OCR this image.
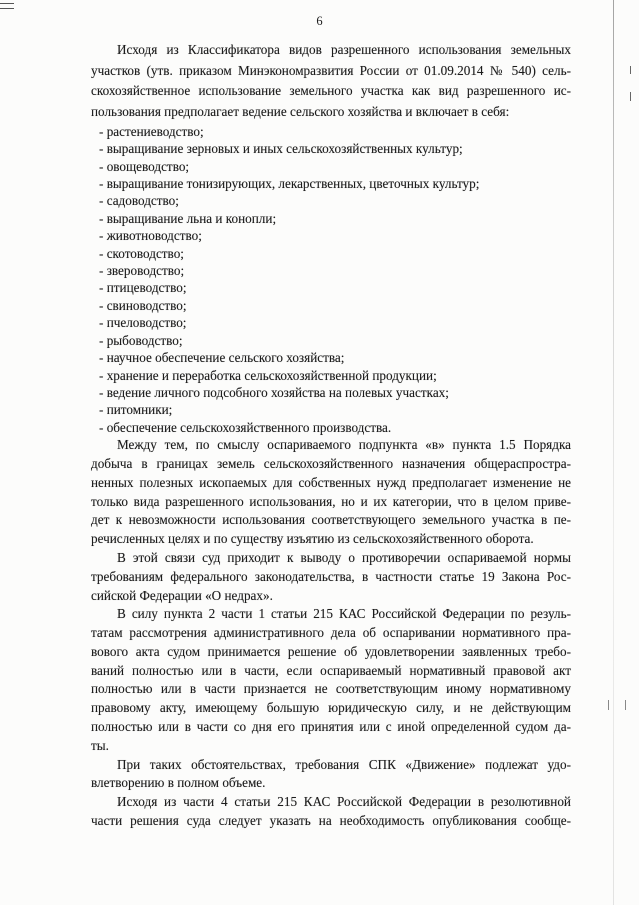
6
Исходя из Классификатора видов разрешенного использования земельных
участков (утв. приказом Минэкономразвития России от 01.09.2014 № 540) сель-
скохозяйственное использование земельного участка как вид разрешенного ис-
пользования предполагает ведение сельского хозяйства и включает в себя:
- растениеводство;
- выращивание зерновых и иных сельскохозяйственных культур;
- овощеводство;
- выращивание тонизирующих, лекарственных, цветочных культур;
- садоводство;
- выращивание льна и конопли;
- животноводство;
- скотоводство;
- звероводство;
- птицеводство;
- свиноводство;
- пчеловодство;
- рыбоводство;
- научное обеспечение сельского хозяйства;
- хранение и переработка сельскохозяйственной продукции;
- ведение личного подсобного хозяйства на полевых участках;
- питомники;
- обеспечение сельскохозяйственного производства.
Между тем, по смыслу оспариваемого подпункта «в» пункта 1.5 Порядка
добыча в границах земель сельскохозяйственного назначения общераспростра-
ненных полезных ископаемых для собственных нужд предполагает изменение не
только вида разрешенного использования, но и их категории, что в целом приве-
дет к невозможности использования соответствующего земельного участка в пе-
речисленных целях и по существу изъятию из сельскохозяйственного оборота.
В этой связи суд приходит к выводу о противоречии оспариваемой нормы
требованиям федерального законодательства, в частности статье 19 Закона Рос-
сийской Федерации «О недрах».
В силу пункта 2 части 1 статьи 215 КАС Российской Федерации по резуль-
татам рассмотрения административного дела об оспаривании нормативного пра-
вового акта судом принимается решение об удовлетворении заявленных требо-
ваний полностью или в части, если оспариваемый нормативный правовой акт
полностью или в части признается не соответствующим иному нормативному
правовому акту, имеющему большую юридическую силу, и не действующим
полностью или в части со дня его принятия или с иной определенной судом да-
ты.
При таких обстоятельствах, требования СПК «Движение» подлежат удо-
влетворению в полном объеме.
Исходя из части 4 статьи 215 КАС Российской Федерации в резолютивной
части решения суда следует указать на необходимость опубликования сообще-
